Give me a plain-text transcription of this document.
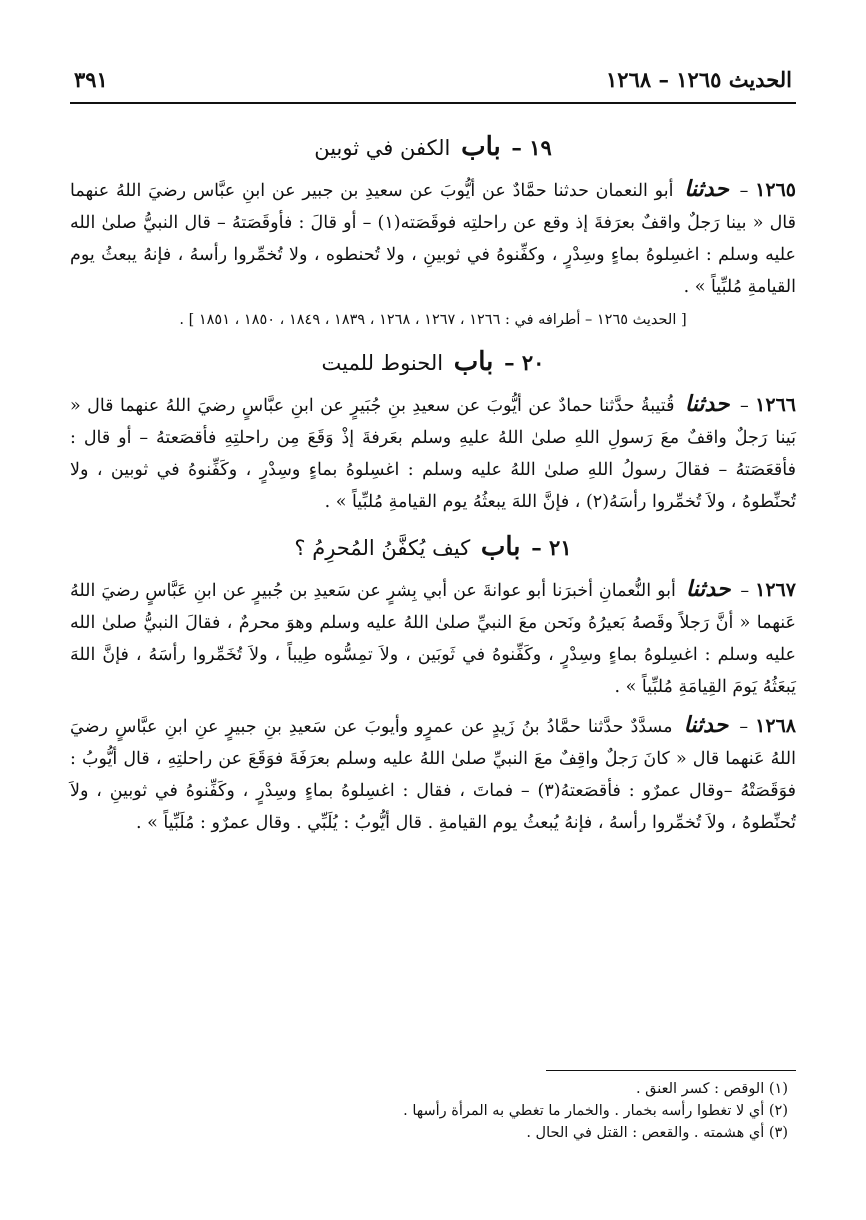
الحديث ١٢٦٥ – ١٢٦٨
٣٩١
١٩ – باب الكفن في ثوبين

١٢٦٥ – حدثنا أبو النعمان حدثنا حمَّادٌ عن أيُّوبَ عن سعيدِ بن جبير عن ابنِ عبَّاس رضيَ اللهُ عنهما قال « بينا رَجلٌ واقفٌ بعرَفةَ إذ وقع عن راحلتِه فوقَصَته(١) – أو قالَ : فأوقَصَتهُ – قال النبيُّ صلىٰ الله عليه وسلم : اغسِلوهُ بماءٍ وسِدْرٍ ، وكفِّنوهُ في ثوبينِ ، ولا تُحنطوه ، ولا تُخمِّروا رأسهُ ، فإنهُ يبعثُ يوم القيامةِ مُلبِّياً » .

[ الحديث ١٢٦٥ – أطرافه في : ١٢٦٦ ، ١٢٦٧ ، ١٢٦٨ ، ١٨٣٩ ، ١٨٤٩ ، ١٨٥٠ ، ١٨٥١ ] .
٢٠ – باب الحنوط للميت

١٢٦٦ – حدثنا قُتيبةُ حدَّثنا حمادٌ عن أيُّوبَ عن سعيدِ بنِ جُبَيرٍ عن ابنِ عبَّاسٍ رضيَ اللهُ عنهما قال « بَينا رَجلٌ واقفٌ معَ رَسولِ اللهِ صلىٰ اللهُ عليهِ وسلم بعَرفةَ إذْ وَقَعَ مِن راحلتِهِ فأقصَعتهُ – أو قال : فأقعَصَتهُ – فقالَ رسولُ اللهِ صلىٰ اللهُ عليه وسلم : اغسِلوهُ بماءٍ وسِدْرٍ ، وكَفِّنوهُ في ثوبين ، ولا تُحنِّطوهُ ، ولاَ تُخمِّروا رأسَهُ(٢) ، فإنَّ اللهَ يبعثُهُ يوم القيامةِ مُلبِّياً » .

٢١ – باب كيف يُكفَّنُ المُحرِمُ ؟

١٢٦٧ – حدثنا أبو النُّعمانِ أخبرَنا أبو عوانةَ عن أبي بِشرٍ عن سَعيدِ بن جُبيرٍ عن ابنِ عَبَّاسٍ رضيَ اللهُ عَنهما « أنَّ رَجلاً وقَصهُ بَعيرُهُ ونَحن معَ النبيِّ صلىٰ اللهُ عليه وسلم وهوَ محرمٌ ، فقالَ النبيُّ صلىٰ الله عليه وسلم : اغسِلوهُ بماءٍ وسِدْرٍ ، وكَفِّنوهُ في ثَوبَين ، ولاَ تمِسُّوه طِيباً ، ولاَ تُخَمِّروا رأسَهُ ، فإنَّ اللهَ يَبعَثُهُ يَومَ القِيامَةِ مُلبِّياً » .

١٢٦٨ – حدثنا مسدَّدٌ حدَّثنا حمَّادُ بنُ زَيدٍ عن عمرٍو وأيوبَ عن سَعيدِ بنِ جبيرٍ عنِ ابنِ عبَّاسٍ رضيَ اللهُ عَنهما قال « كانَ رَجلٌ واقِفٌ معَ النبيِّ صلىٰ اللهُ عليه وسلم بعرَفَةَ فوَقَعَ عن راحلتِهِ ، قال أيُّوبُ : فوَقَصَتْهُ –وقال عمرٌو : فأقصَعتهُ(٣) – فماتَ ، فقال : اغسِلوهُ بماءٍ وسِدْرٍ ، وكَفِّنوهُ في ثوبينِ ، ولاَ تُحنِّطوهُ ، ولاَ تُخمِّروا رأسهُ ، فإنهُ يُبعثُ يوم القيامةِ . قال أيُّوبُ : يُلَبِّي . وقال عمرٌو : مُلَبِّياً » .

(١) الوقص : كسر العنق .

(٢) أي لا تغطوا رأسه بخمار . والخمار ما تغطي به المرأة رأسها .

(٣) أي هشمته . والقعص : القتل في الحال .
